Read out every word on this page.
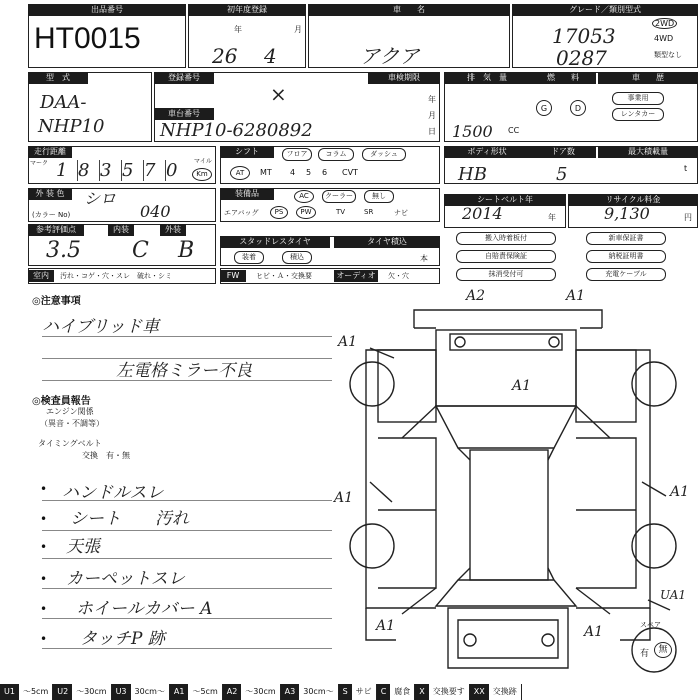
出品番号
HT0015
初年度登録
年	月
26 4
車　　名
アクア
グレード／類別型式
17053
0287
2WD
4WD
類型なし
型　式
DAA-
NHP10
登録番号
×
車台番号
NHP10-6280892
車検期限
年
月
日
排　気　量
1500 CC
燃　　料
G	D
車　　歴
事業用
レンタカー
走行距離
マーク 1 8 3 5 7 0	マイル
Km
シフト	フロア	コラム	ダッシュ
AT	MT 4 5 6 CVT
ボディ形状
HB
ドア数
5
最大積載量
t
外 装 色	シロ
(カラー No)	040
装備品	AC	クーラー	無し
エアバッグ	PS	PW	TV	SR	ナビ
シートベルト年
2014	年
リサイクル料金
9,130	円
参考評価点
3.5
内装
C
外装
B	スタッドレスタイヤ
装着	積込
タイヤ積込
本
搬入時着板付	新車保証書
自賠責保険証	納税証明書
抹消受付可	充電ケーブル
室内	汚れ・コゲ・穴・スレ　破れ・シミ	FW	ヒビ・Ａ・交換要	オーディオ	欠・穴
◎注意事項
ハイブリッド車
左電格ミラー不良
◎検査員報告
エンジン関係
（異音・不調等）
タイミングベルト
交換　有・無
• ハンドルスレ
• シート　　汚れ
• 天張
• カーペットスレ
• ホイールカバー A
• タッチP 跡
A2	A1
A1
A1
A1	A1
A1	A1
UA1
スペア
有	無
U1	～5cm	U2	～30cm	U3	30cm～	A1	～5cm	A2	～30cm	A3	30cm～	S	サビ	C	腐食	X	交換要す	XX	交換跡
